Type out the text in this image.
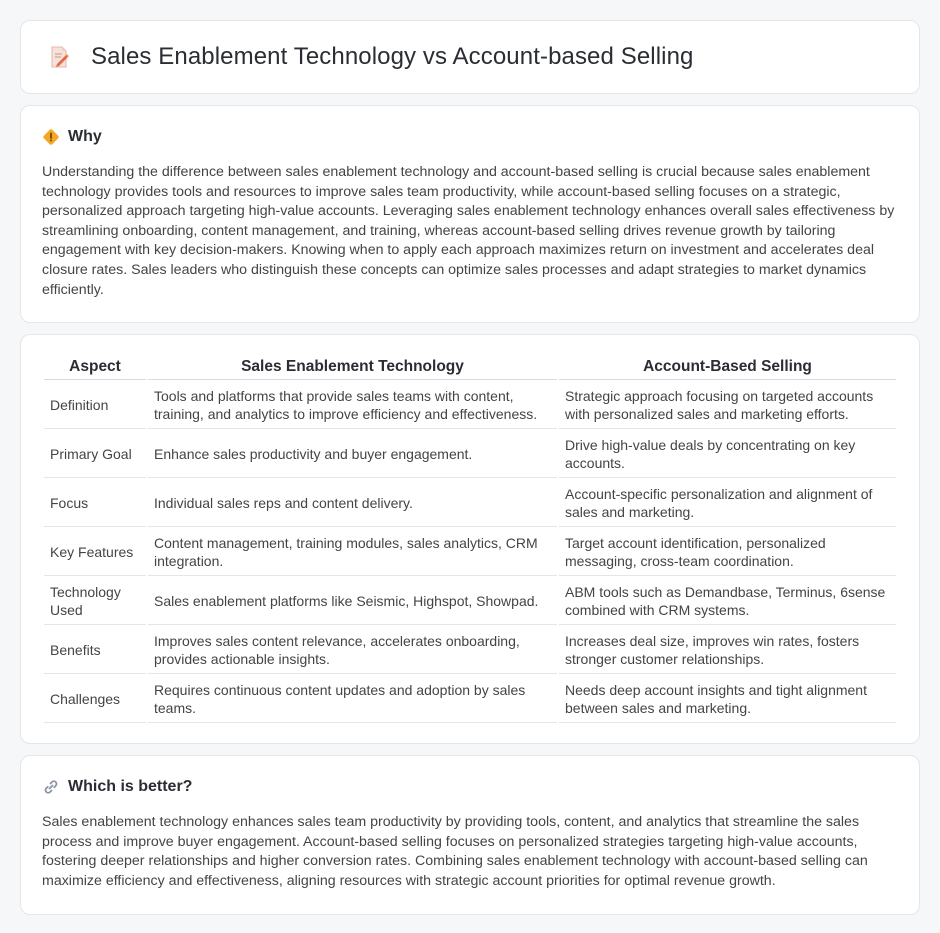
Sales Enablement Technology vs Account-based Selling
Why

Understanding the difference between sales enablement technology and account-based selling is crucial because sales enablement technology provides tools and resources to improve sales team productivity, while account-based selling focuses on a strategic, personalized approach targeting high-value accounts. Leveraging sales enablement technology enhances overall sales effectiveness by streamlining onboarding, content management, and training, whereas account-based selling drives revenue growth by tailoring engagement with key decision-makers. Knowing when to apply each approach maximizes return on investment and accelerates deal closure rates. Sales leaders who distinguish these concepts can optimize sales processes and adapt strategies to market dynamics efficiently.

Aspect	Sales Enablement Technology	Account-Based Selling
Definition	Tools and platforms that provide sales teams with content, training, and analytics to improve efficiency and effectiveness.	Strategic approach focusing on targeted accounts with personalized sales and marketing efforts.
Primary Goal	Enhance sales productivity and buyer engagement.	Drive high-value deals by concentrating on key accounts.
Focus	Individual sales reps and content delivery.	Account-specific personalization and alignment of sales and marketing.
Key Features	Content management, training modules, sales analytics, CRM integration.	Target account identification, personalized messaging, cross-team coordination.
Technology Used	Sales enablement platforms like Seismic, Highspot, Showpad.	ABM tools such as Demandbase, Terminus, 6sense combined with CRM systems.
Benefits	Improves sales content relevance, accelerates onboarding, provides actionable insights.	Increases deal size, improves win rates, fosters stronger customer relationships.
Challenges	Requires continuous content updates and adoption by sales teams.	Needs deep account insights and tight alignment between sales and marketing.
Which is better?

Sales enablement technology enhances sales team productivity by providing tools, content, and analytics that streamline the sales process and improve buyer engagement. Account-based selling focuses on personalized strategies targeting high-value accounts, fostering deeper relationships and higher conversion rates. Combining sales enablement technology with account-based selling can maximize efficiency and effectiveness, aligning resources with strategic account priorities for optimal revenue growth.
